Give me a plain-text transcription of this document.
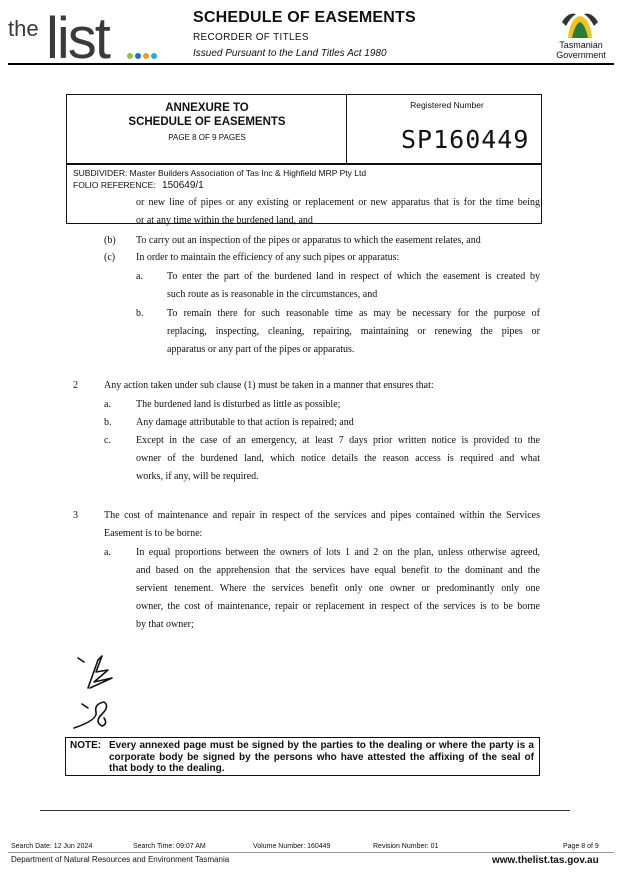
the list	SCHEDULE OF EASEMENTS
RECORDER OF TITLES
Issued Pursuant to the Land Titles Act 1980
Tasmanian
Government
ANNEXURE TO
SCHEDULE OF EASEMENTS
PAGE 8 OF 9 PAGES
Registered Number
SP160449
SUBDIVIDER: Master Builders Association of Tas Inc & Highfield MRP Pty Ltd
FOLIO REFERENCE: 150649/1
or new line of pipes or any existing or replacement or new apparatus that is for the time being
or at any time within the burdened land, and
(b) To carry out an inspection of the pipes or apparatus to which the easement relates, and
(c) In order to maintain the efficiency of any such pipes or apparatus:
a. To enter the part of the burdened land in respect of which the easement is created by
such route as is reasonable in the circumstances, and
b. To remain there for such reasonable time as may be necessary for the purpose of
replacing, inspecting, cleaning, repairing, maintaining or renewing the pipes or
apparatus or any part of the pipes or apparatus.
2	Any action taken under sub clause (1) must be taken in a manner that ensures that:
a.	The burdened land is disturbed as little as possible;
b. Any damage attributable to that action is repaired; and
c.	Except in the case of an emergency, at least 7 days prior written notice is provided to the
owner of the burdened land, which notice details the reason access is required and what
works, if any, will be required.
3	The cost of maintenance and repair in respect of the services and pipes contained within the Services
Easement is to be borne:
a.	In equal proportions between the owners of lots 1 and 2 on the plan, unless otherwise agreed,
and based on the apprehension that the services have equal benefit to the dominant and the
servient tenement. Where the services benefit only one owner or predominantly only one
owner, the cost of maintenance, repair or replacement in respect of the services is to be borne
by that owner;
NOTE: Every annexed page must be signed by the parties to the dealing or where the party is a corporate body be signed by the persons who have attested the affixing of the seal of that body to the dealing.
Search Date: 12 Jun 2024	Search Time: 09:07 AM	Volume Number: 160449	Revision Number: 01	Page 8 of 9
Department of Natural Resources and Environment Tasmania	www.thelist.tas.gov.au
